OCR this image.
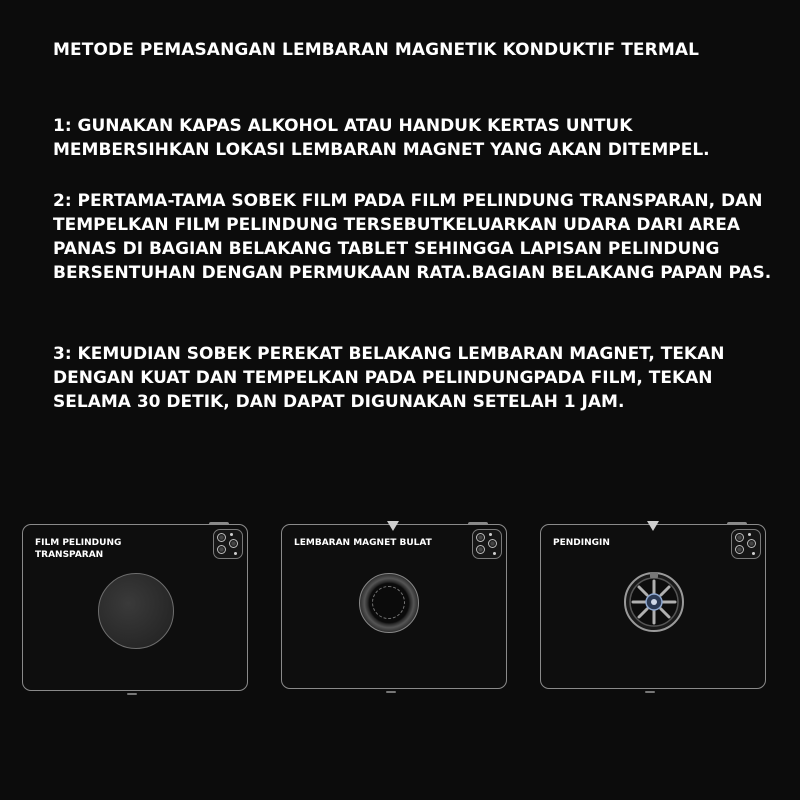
METODE PEMASANGAN LEMBARAN MAGNETIK KONDUKTIF TERMAL

1: GUNAKAN KAPAS ALKOHOL ATAU HANDUK KERTAS UNTUK MEMBERSIHKAN LOKASI LEMBARAN MAGNET YANG AKAN DITEMPEL.

2: PERTAMA-TAMA SOBEK FILM PADA FILM PELINDUNG TRANSPARAN, DAN TEMPELKAN FILM PELINDUNG TERSEBUTKELUARKAN UDARA DARI AREA PANAS DI BAGIAN BELAKANG TABLET SEHINGGA LAPISAN PELINDUNG BERSENTUHAN DENGAN PERMUKAAN RATA.BAGIAN BELAKANG PAPAN PAS.

3: KEMUDIAN SOBEK PEREKAT BELAKANG LEMBARAN MAGNET, TEKAN DENGAN KUAT DAN TEMPELKAN PADA PELINDUNGPADA FILM, TEKAN SELAMA 30 DETIK, DAN DAPAT DIGUNAKAN SETELAH 1 JAM.

FILM PELINDUNG
TRANSPARAN
LEMBARAN MAGNET BULAT	PENDINGIN
